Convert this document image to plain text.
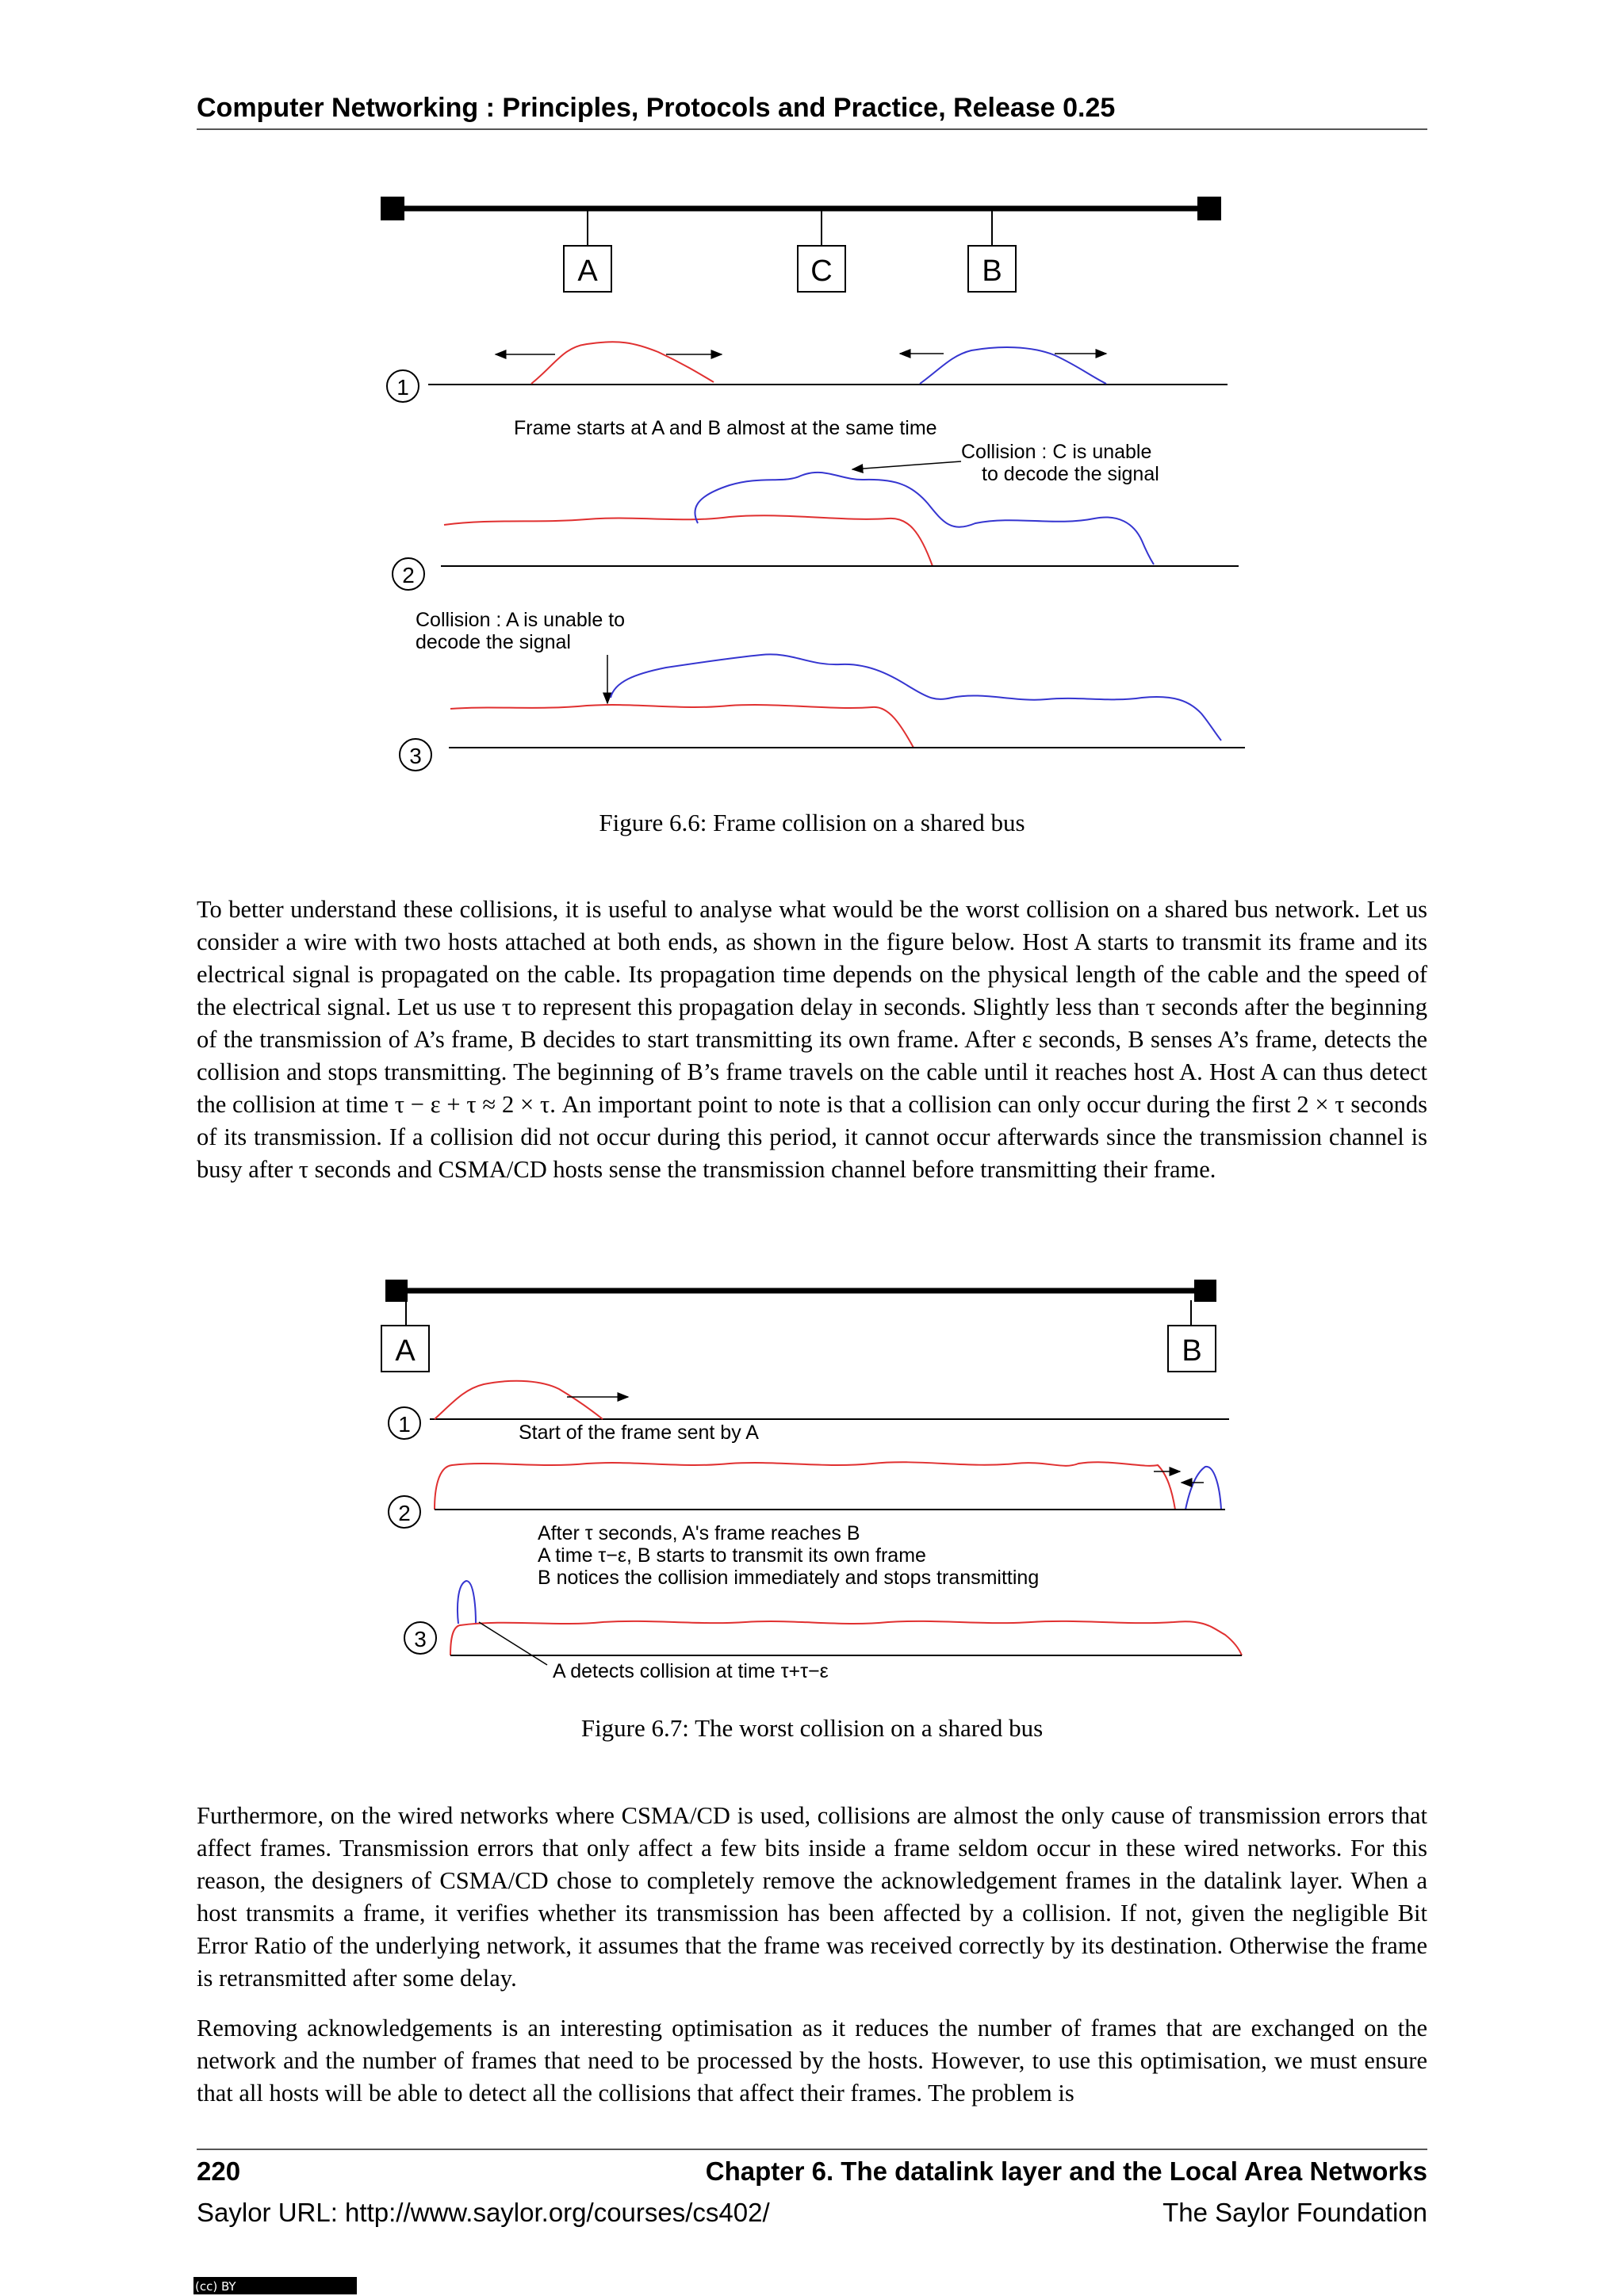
Computer Networking : Principles, Protocols and Practice, Release 0.25
A	C	B
1
Frame starts at A and B almost at the same time
Collision : C is unable
to decode the signal
2
Collision : A is unable to
decode the signal
3
Figure 6.6: Frame collision on a shared bus

To better understand these collisions, it is useful to analyse what would be the worst collision on a shared bus network. Let us consider a wire with two hosts attached at both ends, as shown in the figure below. Host A starts to transmit its frame and its electrical signal is propagated on the cable. Its propagation time depends on the physical length of the cable and the speed of the electrical signal. Let us use τ to represent this propagation delay in seconds. Slightly less than τ seconds after the beginning of the transmission of A’s frame, B decides to start transmitting its own frame. After ε seconds, B senses A’s frame, detects the collision and stops transmitting. The beginning of B’s frame travels on the cable until it reaches host A. Host A can thus detect the collision at time τ − ε + τ ≈ 2 × τ. An important point to note is that a collision can only occur during the first 2 × τ seconds of its transmission. If a collision did not occur during this period, it cannot occur afterwards since the transmission channel is busy after τ seconds and CSMA/CD hosts sense the transmission channel before transmitting their frame.

A	B
1	Start of the frame sent by A
2
After τ seconds, A's frame reaches B
A time τ−ε, B starts to transmit its own frame
B notices the collision immediately and stops transmitting
3
A detects collision at time τ+τ−ε
Figure 6.7: The worst collision on a shared bus

Furthermore, on the wired networks where CSMA/CD is used, collisions are almost the only cause of transmission errors that affect frames. Transmission errors that only affect a few bits inside a frame seldom occur in these wired networks. For this reason, the designers of CSMA/CD chose to completely remove the acknowledgement frames in the datalink layer. When a host transmits a frame, it verifies whether its transmission has been affected by a collision. If not, given the negligible Bit Error Ratio of the underlying network, it assumes that the frame was received correctly by its destination. Otherwise the frame is retransmitted after some delay.

Removing acknowledgements is an interesting optimisation as it reduces the number of frames that are exchanged on the network and the number of frames that need to be processed by the hosts. However, to use this optimisation, we must ensure that all hosts will be able to detect all the collisions that affect their frames. The problem is

220	Chapter 6. The datalink layer and the Local Area Networks
Saylor URL: http://www.saylor.org/courses/cs402/	The Saylor Foundation
(cc) BY
